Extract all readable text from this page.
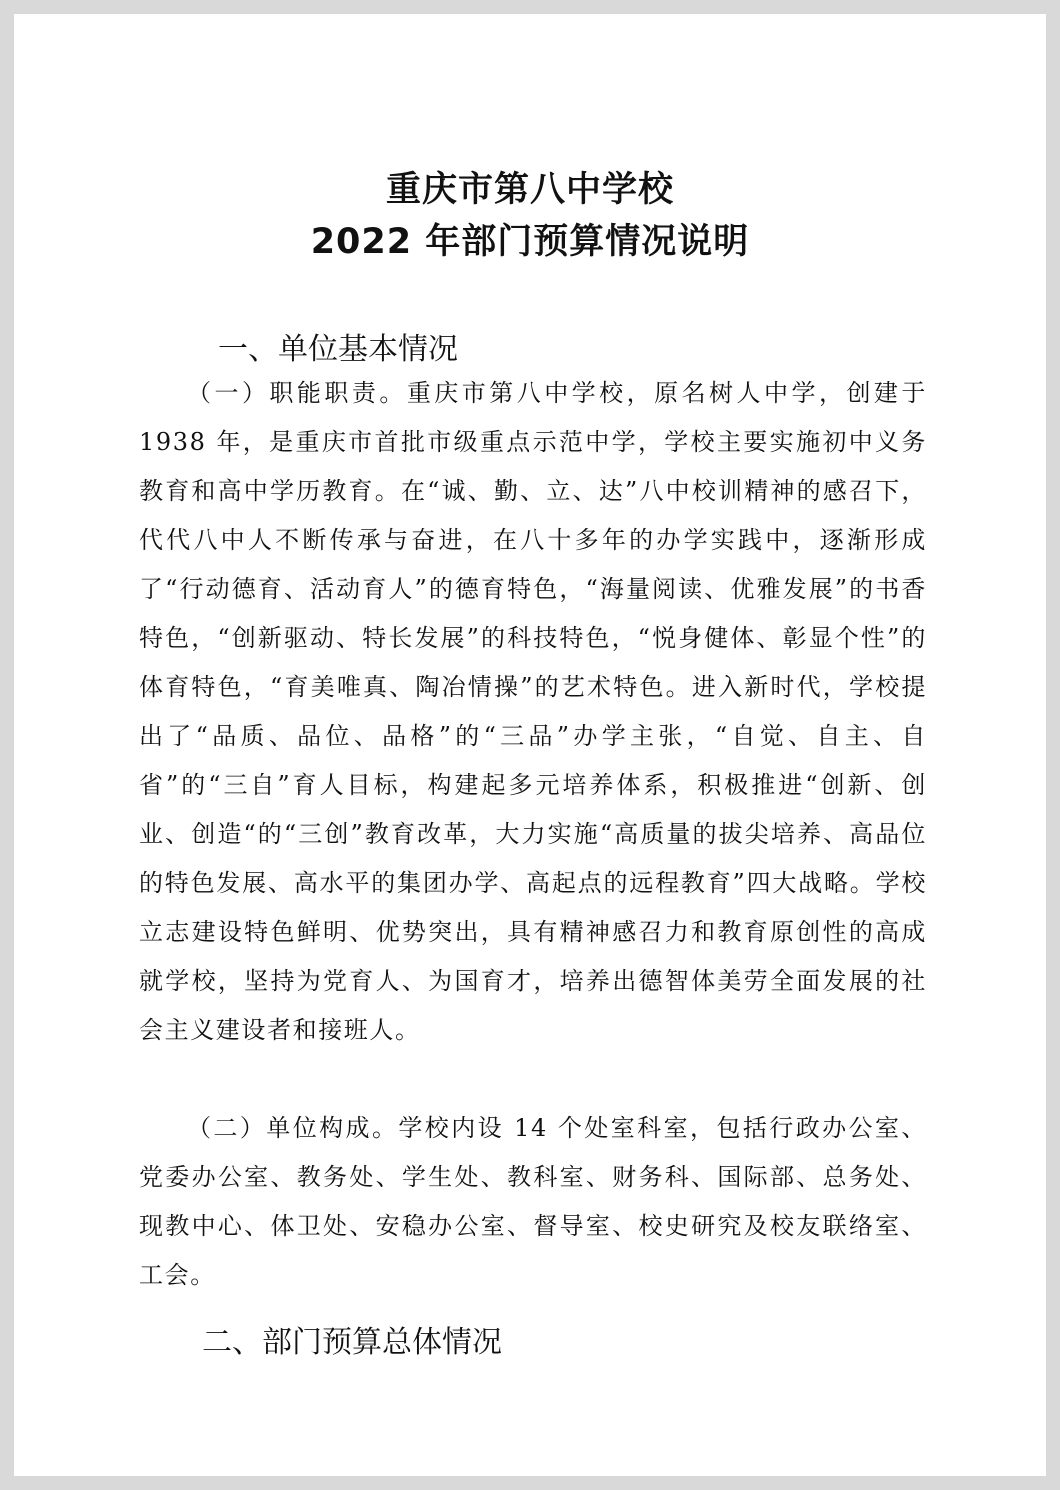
重庆市第八中学校
2022 年部门预算情况说明
一、单位基本情况
（一）职能职责。重庆市第八中学校，原名树人中学，创建于 1938 年，是重庆市首批市级重点示范中学，学校主要实施初中义务教育和高中学历教育。在“诚、勤、立、达”八中校训精神的感召下，代代八中人不断传承与奋进，在八十多年的办学实践中，逐渐形成了“行动德育、活动育人”的德育特色，“海量阅读、优雅发展”的书香特色，“创新驱动、特长发展”的科技特色，“悦身健体、彰显个性”的体育特色，“育美唯真、陶冶情操”的艺术特色。进入新时代，学校提出了“品质、品位、品格”的“三品”办学主张，“自觉、自主、自省”的“三自”育人目标，构建起多元培养体系，积极推进“创新、创业、创造“的“三创”教育改革，大力实施“高质量的拔尖培养、高品位的特色发展、高水平的集团办学、高起点的远程教育”四大战略。学校立志建设特色鲜明、优势突出，具有精神感召力和教育原创性的高成就学校，坚持为党育人、为国育才，培养出德智体美劳全面发展的社会主义建设者和接班人。
（二）单位构成。学校内设 14 个处室科室，包括行政办公室、党委办公室、教务处、学生处、教科室、财务科、国际部、总务处、现教中心、体卫处、安稳办公室、督导室、校史研究及校友联络室、工会。
二、部门预算总体情况
